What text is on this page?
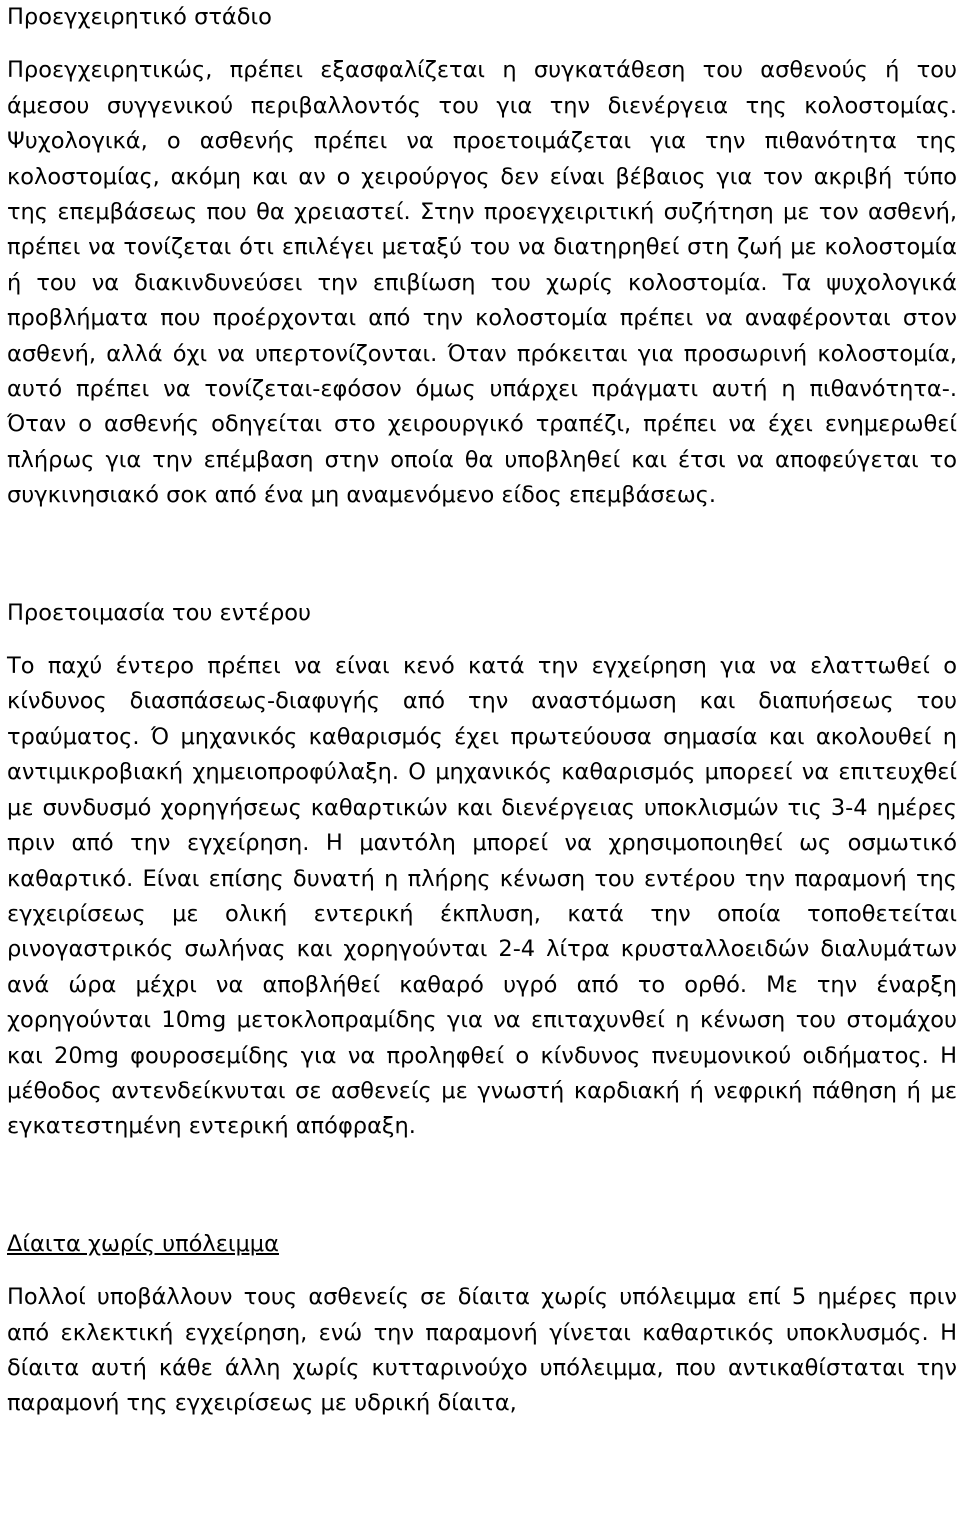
Προεγχειρητικό στάδιο

Προεγχειρητικώς, πρέπει εξασφαλίζεται η συγκατάθεση του ασθενούς ή του άμεσου συγγενικού περιβαλλοντός του για την διενέργεια της κολοστομίας. Ψυχολογικά, ο ασθενής πρέπει να προετοιμάζεται για την πιθανότητα της κολοστομίας, ακόμη και αν ο χειρούργος δεν είναι βέβαιος για τον ακριβή τύπο της επεμβάσεως που θα χρειαστεί. Στην προεγχειριτική συζήτηση με τον ασθενή, πρέπει να τονίζεται ότι επιλέγει μεταξύ του να διατηρηθεί στη ζωή με κολοστομία ή του να διακινδυνεύσει την επιβίωση του χωρίς κολοστομία. Τα ψυχολογικά προβλήματα που προέρχονται από την κολοστομία πρέπει να αναφέρονται στον ασθενή, αλλά όχι να υπερτονίζονται. Όταν πρόκειται για προσωρινή κολοστομία, αυτό πρέπει να τονίζεται-εφόσον όμως υπάρχει πράγματι αυτή η πιθανότητα-. Όταν ο ασθενής οδηγείται στο χειρουργικό τραπέζι, πρέπει να έχει ενημερωθεί πλήρως για την επέμβαση στην οποία θα υποβληθεί και έτσι να αποφεύγεται το συγκινησιακό σοκ από ένα μη αναμενόμενο είδος επεμβάσεως.

Προετοιμασία του εντέρου

Το παχύ έντερο πρέπει να είναι κενό κατά την εγχείρηση για να ελαττωθεί ο κίνδυνος διασπάσεως-διαφυγής από την αναστόμωση και διαπυήσεως του τραύματος. Ό μηχανικός καθαρισμός έχει πρωτεύουσα σημασία και ακολουθεί η αντιμικροβιακή χημειοπροφύλαξη. Ο μηχανικός καθαρισμός μπορεεί να επιτευχθεί με συνδυσμό χορηγήσεως καθαρτικών και διενέργειας υποκλισμών τις 3-4 ημέρες πριν από την εγχείρηση. Η μαντόλη μπορεί να χρησιμοποιηθεί ως οσμωτικό καθαρτικό. Είναι επίσης δυνατή η πλήρης κένωση του εντέρου την παραμονή της εγχειρίσεως με ολική εντερική έκπλυση, κατά την οποία τοποθετείται ρινογαστρικός σωλήνας και χορηγούνται 2-4 λίτρα κρυσταλλοειδών διαλυμάτων ανά ώρα μέχρι να αποβλήθεί καθαρό υγρό από το ορθό. Με την έναρξη χορηγούνται 10mg μετοκλοπραμίδης για να επιταχυνθεί η κένωση του στομάχου και 20mg φουροσεμίδης για να προληφθεί ο κίνδυνος πνευμονικού οιδήματος. Η μέθοδος αντενδείκνυται σε ασθενείς με γνωστή καρδιακή ή νεφρική πάθηση ή με εγκατεστημένη εντερική απόφραξη.

Δίαιτα χωρίς υπόλειμμα

Πολλοί υποβάλλουν τους ασθενείς σε δίαιτα χωρίς υπόλειμμα επί 5 ημέρες πριν από εκλεκτική εγχείρηση, ενώ την παραμονή γίνεται καθαρτικός υποκλυσμός. Η δίαιτα αυτή κάθε άλλη χωρίς κυτταρινούχο υπόλειμμα, που αντικαθίσταται την παραμονή της εγχειρίσεως με υδρική δίαιτα,
